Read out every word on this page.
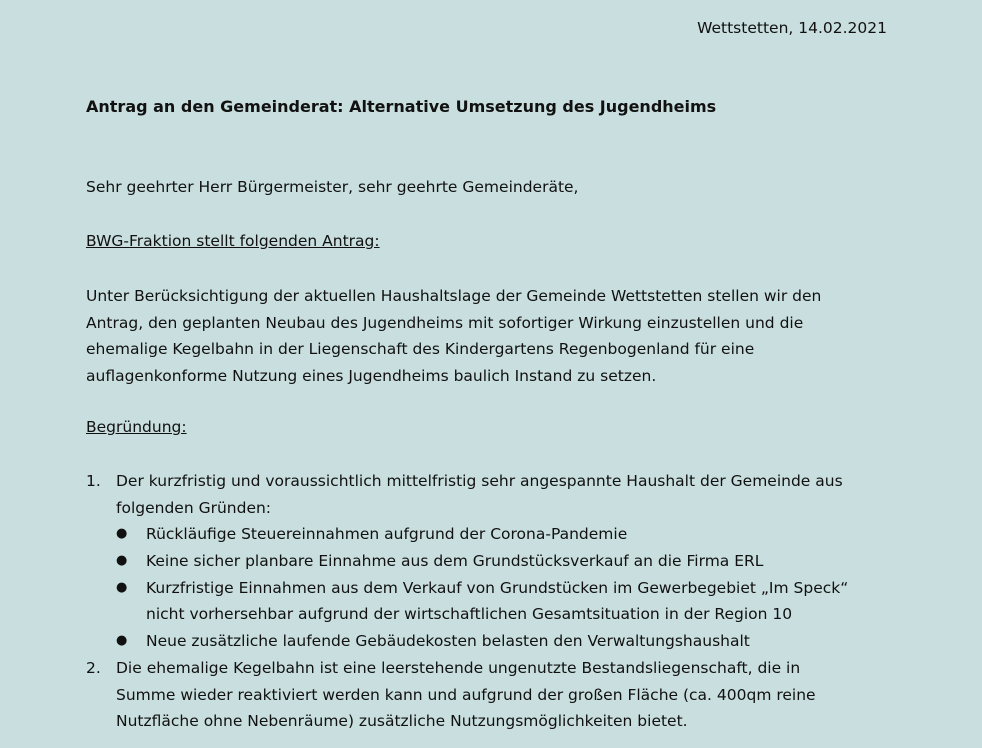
Wettstetten, 14.02.2021
Antrag an den Gemeinderat: Alternative Umsetzung des Jugendheims
Sehr geehrter Herr Bürgermeister, sehr geehrte Gemeinderäte,
BWG-Fraktion stellt folgenden Antrag:
Unter Berücksichtigung der aktuellen Haushaltslage der Gemeinde Wettstetten stellen wir den
Antrag, den geplanten Neubau des Jugendheims mit sofortiger Wirkung einzustellen und die
ehemalige Kegelbahn in der Liegenschaft des Kindergartens Regenbogenland für eine
auflagenkonforme Nutzung eines Jugendheims baulich Instand zu setzen.
Begründung:
1. Der kurzfristig und voraussichtlich mittelfristig sehr angespannte Haushalt der Gemeinde aus
folgenden Gründen:
● Rückläufige Steuereinnahmen aufgrund der Corona-Pandemie
● Keine sicher planbare Einnahme aus dem Grundstücksverkauf an die Firma ERL
● Kurzfristige Einnahmen aus dem Verkauf von Grundstücken im Gewerbegebiet „Im Speck“
nicht vorhersehbar aufgrund der wirtschaftlichen Gesamtsituation in der Region 10
● Neue zusätzliche laufende Gebäudekosten belasten den Verwaltungshaushalt
2. Die ehemalige Kegelbahn ist eine leerstehende ungenutzte Bestandsliegenschaft, die in
Summe wieder reaktiviert werden kann und aufgrund der großen Fläche (ca. 400qm reine
Nutzfläche ohne Nebenräume) zusätzliche Nutzungsmöglichkeiten bietet.
